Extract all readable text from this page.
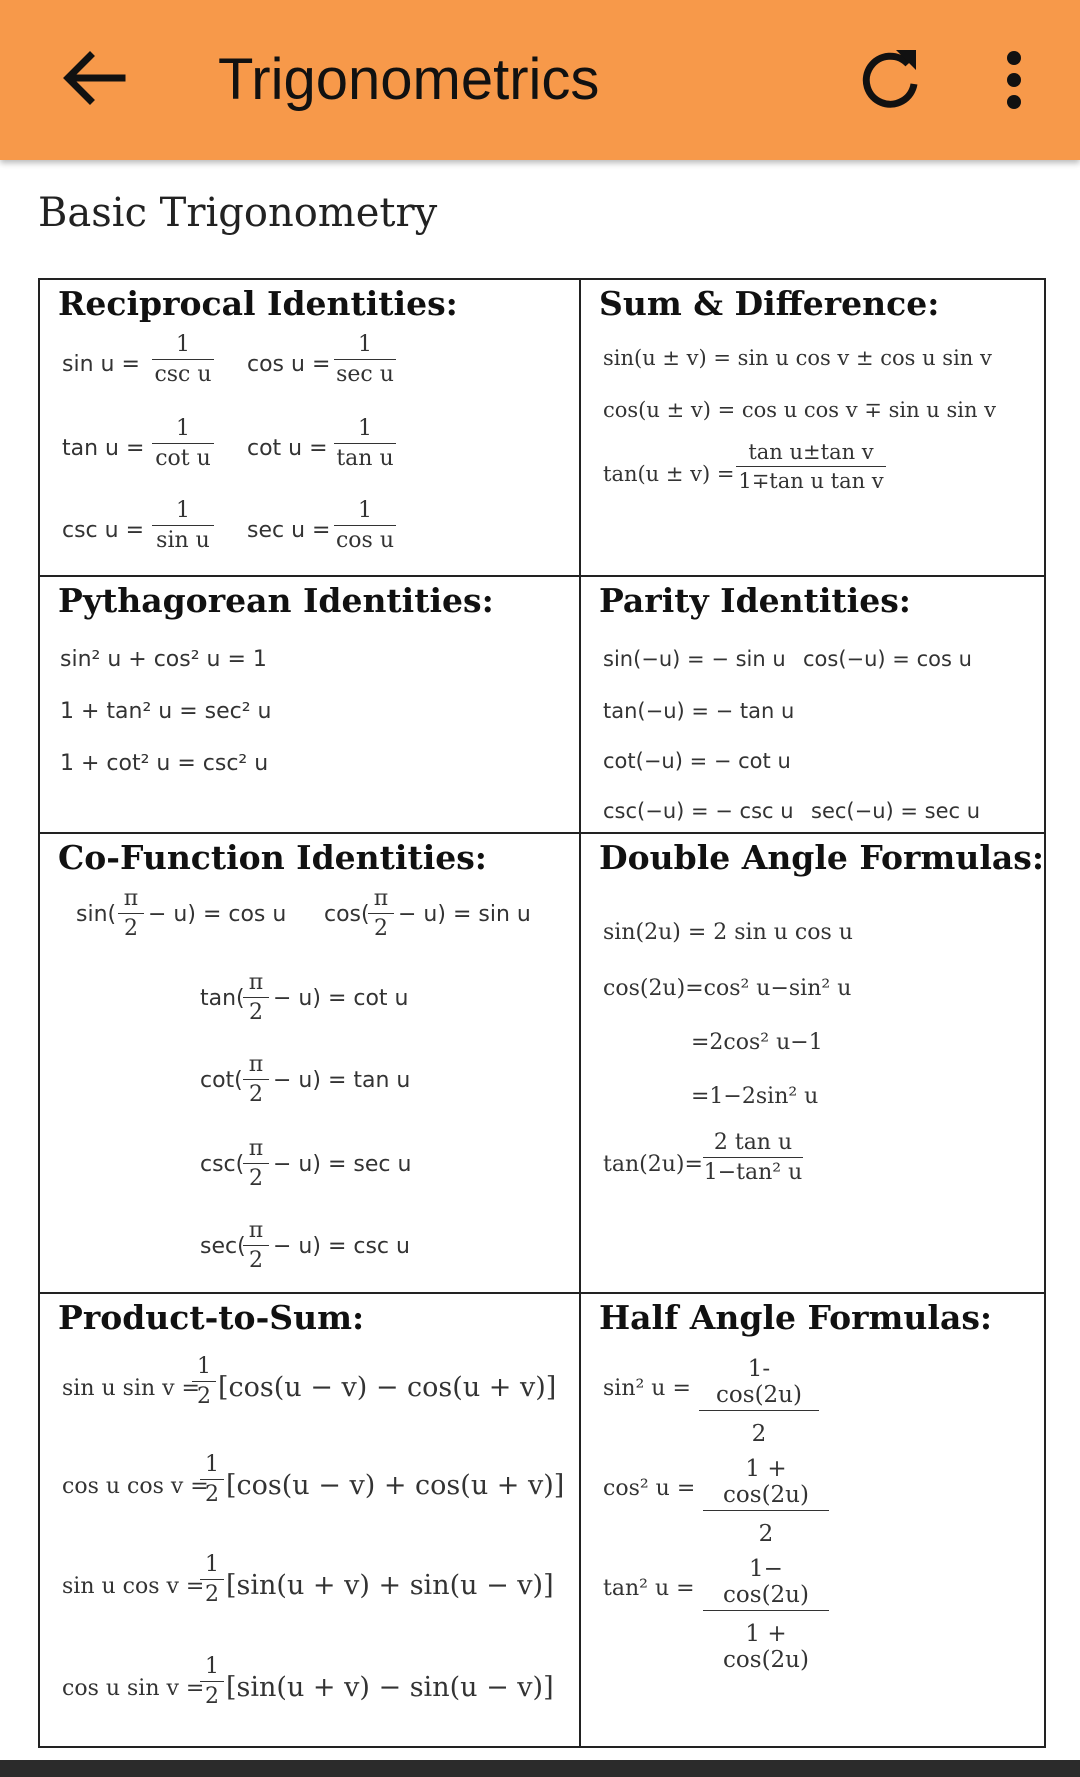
Trigonometrics
Basic Trigonometry
Reciprocal Identities:
sin u =
1
csc u cos u =
1
sec u
$\tan u = \frac{1}{\text{cot u}}$ $\cot u = \frac{1}{\text{tan u}}$
$\csc u = \frac{1}{\text{sin u}}$ $\sec u = \frac{1}{\text{cos u}}$
Sum & Difference:
sin(u ± v) = sin u cos v ± cos u sin v
cos(u ± v) = cos u cos v ∓ sin u sin v
$\tan(u \pm v) = \frac{\text{tan u±tan v}}{\text{1∓tan u tan v}}$
Pythagorean Identities:
sin² u + cos² u = 1
1 + tan² u = sec² u
1 + cot² u = csc² u
Parity Identities:
sin(−u) = − sin u cos(−u) = cos u
tan(−u) = − tan u
cot(−u) = − cot u
csc(−u) = − csc u sec(−u) = sec u
Co-Function Identities:
$\sin( \frac{\pi}{2} - u) = \cos u$ cos(
$\frac{\pi}{2} - u) = \sin u$
tan(
$\frac{\pi}{2} - u) = \cot u$
$\cot( \frac{\pi}{2} - u) = \tan u$
csc(
$\frac{\pi}{2} - u) = \sec u$
sec(
$\frac{\pi}{2} - u) = \csc u$
Double Angle Formulas:
sin(2u) = 2 sin u cos u
cos(2u)=cos² u−sin² u
=2cos² u−1
=1−2sin² u
$\tan(2u)= \frac{\text{2 tan u}}{\text{1−tan² u}}$
Product-to-Sum:
sin u sin v =
$\frac{1}{2} [\cos(u - v) - \cos(u + v)]$
cos u cos v =
$\frac{1}{2} [\cos(u - v) + \cos(u + v)]$
sin u cos v =
$\frac{1}{2} [\sin(u + v) + \sin(u - v)]$
cos u sin v =
$\frac{1}{2} [\sin(u + v) - \sin(u - v)]$
Half Angle Formulas:
sin² $u = \frac{1- \cos(2u)}{2}$
cos² $u = \frac{1 + \cos(2u)}{2}$
tan² $u = \frac{1- \cos(2u)}{1 + \cos(2u)}$
